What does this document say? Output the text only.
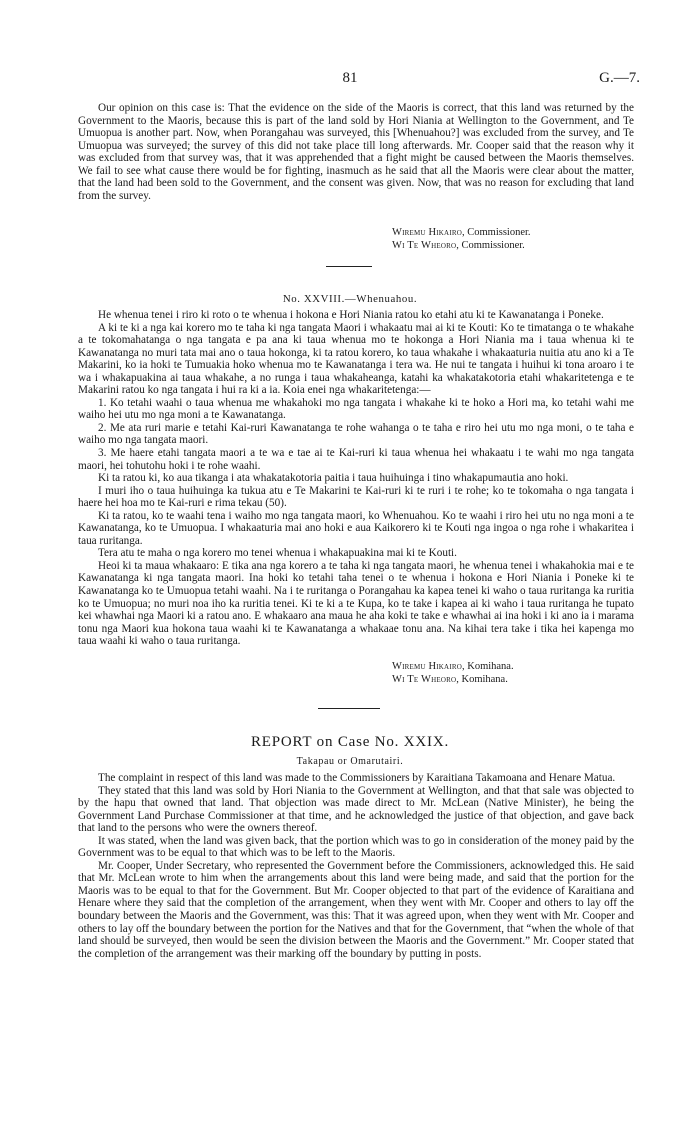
81	G.—7.

Our opinion on this case is: That the evidence on the side of the Maoris is correct, that this land was returned by the Government to the Maoris, because this is part of the land sold by Hori Niania at Wellington to the Government, and Te Umuopua is another part. Now, when Porangahau was surveyed, this [Whenuahou?] was excluded from the survey, and Te Umuopua was surveyed; the survey of this did not take place till long afterwards. Mr. Cooper said that the reason why it was excluded from that survey was, that it was apprehended that a fight might be caused between the Maoris themselves. We fail to see what cause there would be for fighting, inasmuch as he said that all the Maoris were clear about the matter, that the land had been sold to the Government, and the consent was given. Now, that was no reason for excluding that land from the survey.

Wiremu Hikairo, Commissioner.
Wi Te Wheoro, Commissioner.
No. XXVIII.—Whenuahou.

He whenua tenei i riro ki roto o te whenua i hokona e Hori Niania ratou ko etahi atu ki te Kawanatanga i Poneke.

A ki te ki a nga kai korero mo te taha ki nga tangata Maori i whakaatu mai ai ki te Kouti: Ko te timatanga o te whakahe a te tokomahatanga o nga tangata e pa ana ki taua whenua mo te hokonga a Hori Niania ma i taua whenua ki te Kawanatanga no muri tata mai ano o taua hokonga, ki ta ratou korero, ko taua whakahe i whakaaturia nuitia atu ano ki a Te Makarini, ko ia hoki te Tumuakia hoko whenua mo te Kawanatanga i tera wa. He nui te tangata i huihui ki tona aroaro i te wa i whakapuakina ai taua whakahe, a no runga i taua whakaheanga, katahi ka whakatakotoria etahi whakaritetenga e te Makarini ratou ko nga tangata i hui ra ki a ia. Koia enei nga whakaritetenga:—

1. Ko tetahi waahi o taua whenua me whakahoki mo nga tangata i whakahe ki te hoko a Hori ma, ko tetahi wahi me waiho hei utu mo nga moni a te Kawanatanga.

2. Me ata ruri marie e tetahi Kai-ruri Kawanatanga te rohe wahanga o te taha e riro hei utu mo nga moni, o te taha e waiho mo nga tangata maori.

3. Me haere etahi tangata maori a te wa e tae ai te Kai-ruri ki taua whenua hei whakaatu i te wahi mo nga tangata maori, hei tohutohu hoki i te rohe waahi.

Ki ta ratou ki, ko aua tikanga i ata whakatakotoria paitia i taua huihuinga i tino whakapumautia ano hoki.

I muri iho o taua huihuinga ka tukua atu e Te Makarini te Kai-ruri ki te ruri i te rohe; ko te tokomaha o nga tangata i haere hei hoa mo te Kai-ruri e rima tekau (50).

Ki ta ratou, ko te waahi tena i waiho mo nga tangata maori, ko Whenuahou. Ko te waahi i riro hei utu no nga moni a te Kawanatanga, ko te Umuopua. I whakaaturia mai ano hoki e aua Kaikorero ki te Kouti nga ingoa o nga rohe i whakaritea i taua ruritanga.

Tera atu te maha o nga korero mo tenei whenua i whakapuakina mai ki te Kouti.

Heoi ki ta maua whakaaro: E tika ana nga korero a te taha ki nga tangata maori, he whenua tenei i whakahokia mai e te Kawanatanga ki nga tangata maori. Ina hoki ko tetahi taha tenei o te whenua i hokona e Hori Niania i Poneke ki te Kawanatanga ko te Umuopua tetahi waahi. Na i te ruritanga o Porangahau ka kapea tenei ki waho o taua ruritanga ka ruritia ko te Umuopua; no muri noa iho ka ruritia tenei. Ki te ki a te Kupa, ko te take i kapea ai ki waho i taua ruritanga he tupato kei whawhai nga Maori ki a ratou ano. E whakaaro ana maua he aha koki te take e whawhai ai ina hoki i ki ano ia i marama tonu nga Maori kua hokona taua waahi ki te Kawanatanga a whakaae tonu ana. Na kihai tera take i tika hei kapenga mo taua waahi ki waho o taua ruritanga.

Wiremu Hikairo, Komihana.
Wi Te Wheoro, Komihana.
REPORT on Case No. XXIX.
Takapau or Omarutairi.

The complaint in respect of this land was made to the Commissioners by Karaitiana Takamoana and Henare Matua.

They stated that this land was sold by Hori Niania to the Government at Wellington, and that that sale was objected to by the hapu that owned that land. That objection was made direct to Mr. McLean (Native Minister), he being the Government Land Purchase Commissioner at that time, and he acknowledged the justice of that objection, and gave back that land to the persons who were the owners thereof.

It was stated, when the land was given back, that the portion which was to go in consideration of the money paid by the Government was to be equal to that which was to be left to the Maoris.

Mr. Cooper, Under Secretary, who represented the Government before the Commissioners, acknowledged this. He said that Mr. McLean wrote to him when the arrangements about this land were being made, and said that the portion for the Maoris was to be equal to that for the Government. But Mr. Cooper objected to that part of the evidence of Karaitiana and Henare where they said that the completion of the arrangement, when they went with Mr. Cooper and others to lay off the boundary between the Maoris and the Government, was this: That it was agreed upon, when they went with Mr. Cooper and others to lay off the boundary between the portion for the Natives and that for the Government, that “when the whole of that land should be surveyed, then would be seen the division between the Maoris and the Government.” Mr. Cooper stated that the completion of the arrangement was their marking off the boundary by putting in posts.
